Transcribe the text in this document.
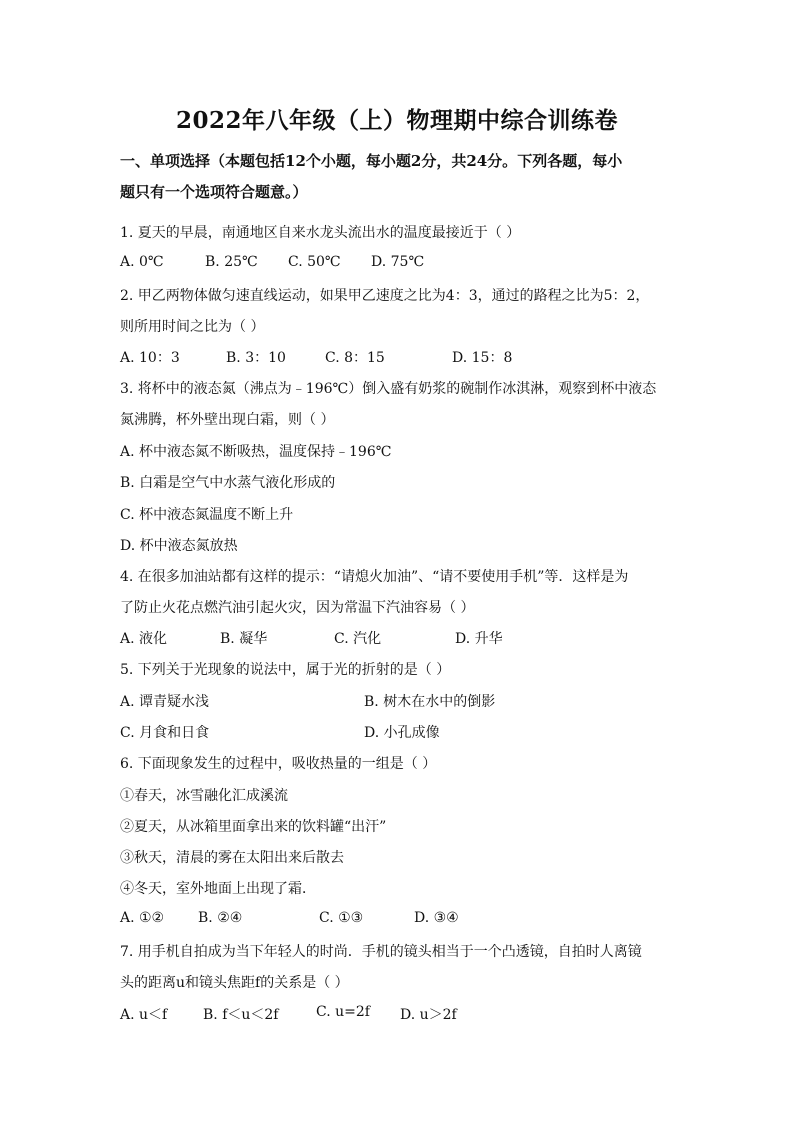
2022年八年级（上）物理期中综合训练卷
一、单项选择（本题包括12个小题，每小题2分，共24分。下列各题，每小
题只有一个选项符合题意。）
1. 夏天的早晨，南通地区自来水龙头流出水的温度最接近于（ ）
A. 0℃	B. 25℃ C. 50℃ D. 75℃
2. 甲乙两物体做匀速直线运动，如果甲乙速度之比为4：3，通过的路程之比为5：2，
则所用时间之比为（ ）
A. 10：3	B. 3：10	C. 8：15	D. 15：8
3. 将杯中的液态氮（沸点为﹣196℃）倒入盛有奶浆的碗制作冰淇淋，观察到杯中液态
氮沸腾，杯外壁出现白霜，则（ ）
A. 杯中液态氮不断吸热，温度保持﹣196℃
B. 白霜是空气中水蒸气液化形成的
C. 杯中液态氮温度不断上升
D. 杯中液态氮放热
4. 在很多加油站都有这样的提示：“请熄火加油”、“请不要使用手机”等．这样是为
了防止火花点燃汽油引起火灾，因为常温下汽油容易（ ）
A. 液化	B. 凝华	C. 汽化	D. 升华
5. 下列关于光现象的说法中，属于光的折射的是（ ）
A. 谭青疑水浅	B. 树木在水中的倒影
C. 月食和日食	D. 小孔成像
6. 下面现象发生的过程中，吸收热量的一组是（ ）
①春天，冰雪融化汇成溪流
②夏天，从冰箱里面拿出来的饮料罐“出汗”
③秋天，清晨的雾在太阳出来后散去
④冬天，室外地面上出现了霜．
A. ①② B. ②④	C. ①③	D. ③④
7. 用手机自拍成为当下年轻人的时尚．手机的镜头相当于一个凸透镜，自拍时人离镜
头的距离u和镜头焦距f的关系是（ ）
A. u＜f	B. f＜u＜2f	C. u=2f D. u＞2f
